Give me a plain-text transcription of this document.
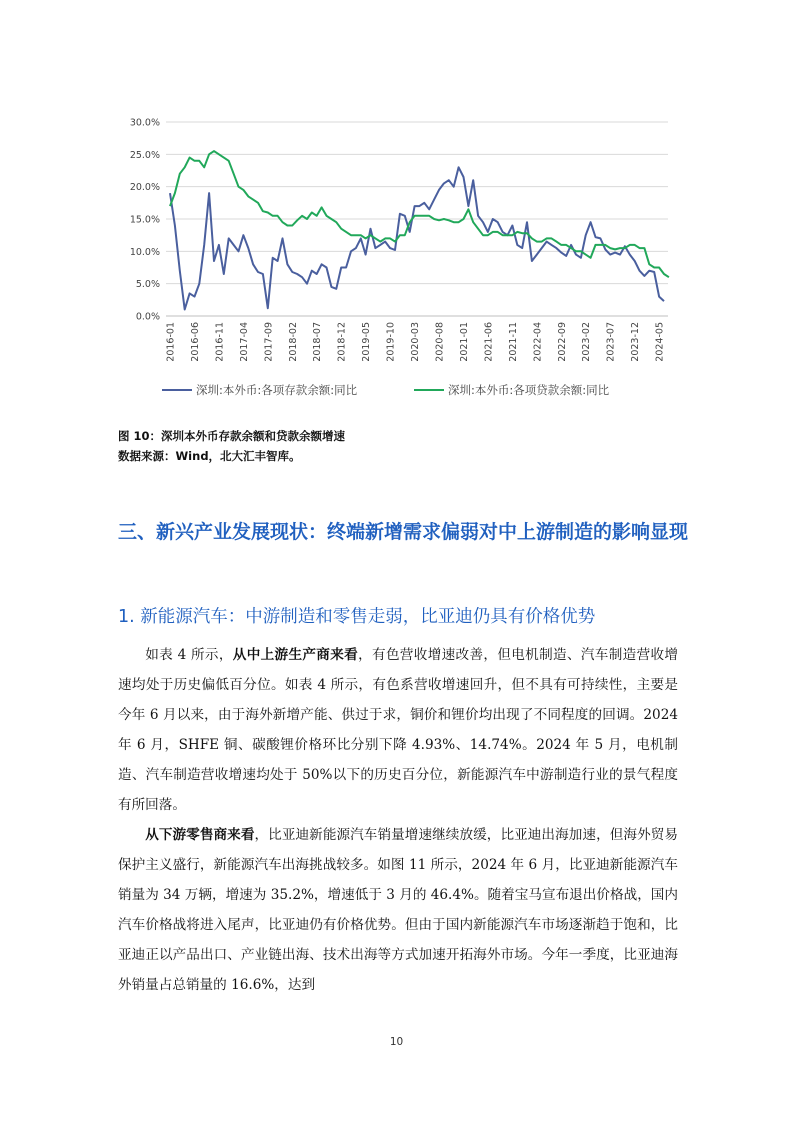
0.0%
5.0%
10.0%
15.0%
20.0%
25.0%
30.0%
2016-01 2016-06 2016-11 2017-04 2017-09 2018-02 2018-07 2018-12 2019-05 2019-10 2020-03 2020-08 2021-01 2021-06 2021-11 2022-04 2022-09 2023-02 2023-07 2023-12 2024-05
深圳:本外币:各项存款余额:同比	深圳:本外币:各项贷款余额:同比
图 10：深圳本外币存款余额和贷款余额增速
数据来源：Wind，北大汇丰智库。
三、新兴产业发展现状：终端新增需求偏弱对中上游制造的影响显现
1. 新能源汽车：中游制造和零售走弱，比亚迪仍具有价格优势

如表 4 所示，从中上游生产商来看，有色营收增速改善，但电机制造、汽车制造营收增速均处于历史偏低百分位。如表 4 所示，有色系营收增速回升，但不具有可持续性，主要是今年 6 月以来，由于海外新增产能、供过于求，铜价和锂价均出现了不同程度的回调。2024 年 6 月，SHFE 铜、碳酸锂价格环比分别下降 4.93%、14.74%。2024 年 5 月，电机制造、汽车制造营收增速均处于 50%以下的历史百分位，新能源汽车中游制造行业的景气程度有所回落。

从下游零售商来看，比亚迪新能源汽车销量增速继续放缓，比亚迪出海加速，但海外贸易保护主义盛行，新能源汽车出海挑战较多。如图 11 所示，2024 年 6 月，比亚迪新能源汽车销量为 34 万辆，增速为 35.2%，增速低于 3 月的 46.4%。随着宝马宣布退出价格战，国内汽车价格战将进入尾声，比亚迪仍有价格优势。但由于国内新能源汽车市场逐渐趋于饱和，比亚迪正以产品出口、产业链出海、技术出海等方式加速开拓海外市场。今年一季度，比亚迪海外销量占总销量的 16.6%，达到

10
